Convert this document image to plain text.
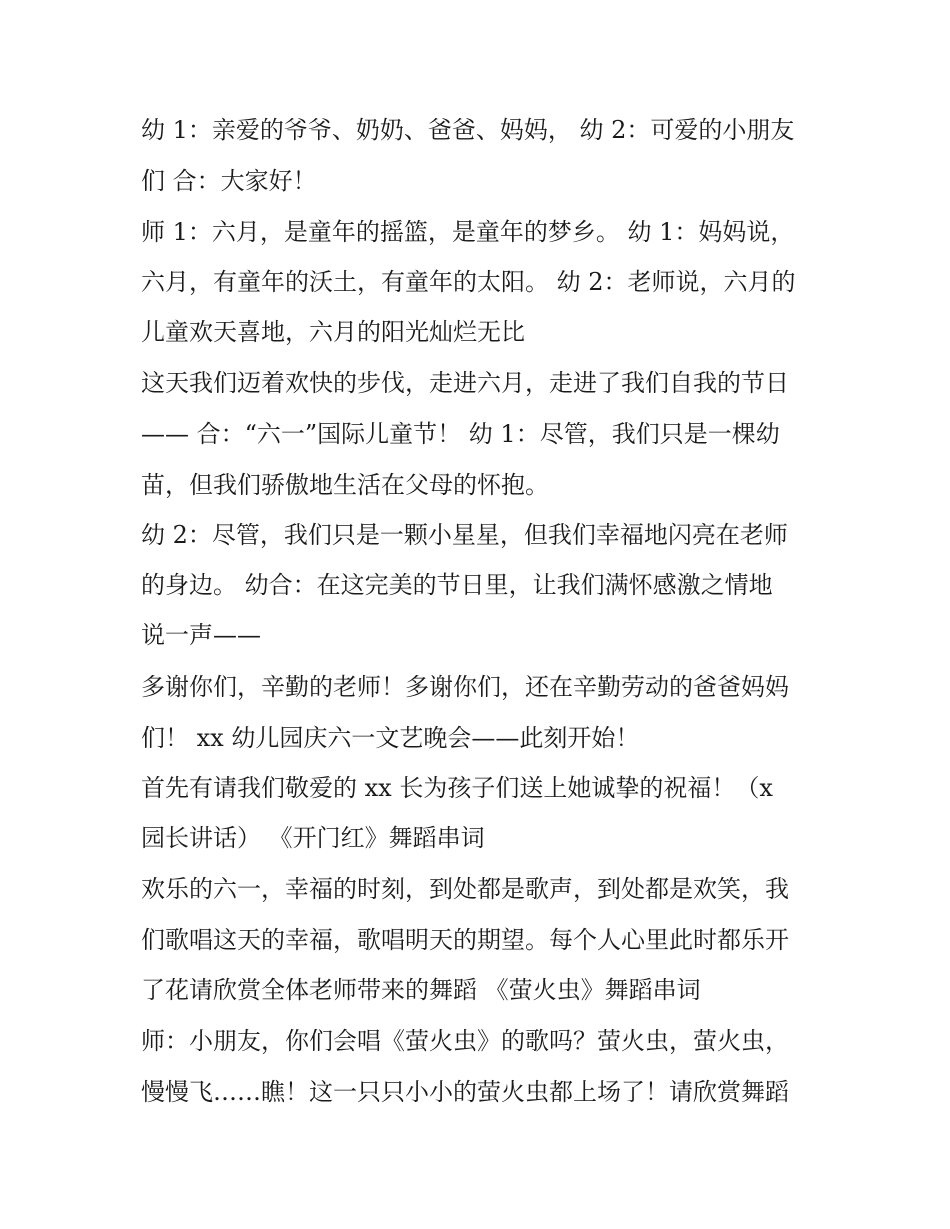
幼 1：亲爱的爷爷、奶奶、爸爸、妈妈， 幼 2：可爱的小朋友
们 合：大家好！
师 1：六月，是童年的摇篮，是童年的梦乡。 幼 1：妈妈说，
六月，有童年的沃土，有童年的太阳。 幼 2：老师说，六月的
儿童欢天喜地，六月的阳光灿烂无比
这天我们迈着欢快的步伐，走进六月，走进了我们自我的节日
—— 合：“六一”国际儿童节！ 幼 1：尽管，我们只是一棵幼
苗，但我们骄傲地生活在父母的怀抱。
幼 2：尽管，我们只是一颗小星星，但我们幸福地闪亮在老师
的身边。 幼合：在这完美的节日里，让我们满怀感激之情地
说一声——
多谢你们，辛勤的老师！多谢你们，还在辛勤劳动的爸爸妈妈
们！ xx 幼儿园庆六一文艺晚会——此刻开始！
首先有请我们敬爱的 xx 长为孩子们送上她诚挚的祝福！（x
园长讲话） 《开门红》舞蹈串词
欢乐的六一，幸福的时刻，到处都是歌声，到处都是欢笑，我
们歌唱这天的幸福，歌唱明天的期望。每个人心里此时都乐开
了花请欣赏全体老师带来的舞蹈 《萤火虫》舞蹈串词
师：小朋友，你们会唱《萤火虫》的歌吗？萤火虫，萤火虫，
慢慢飞……瞧！这一只只小小的萤火虫都上场了！请欣赏舞蹈
